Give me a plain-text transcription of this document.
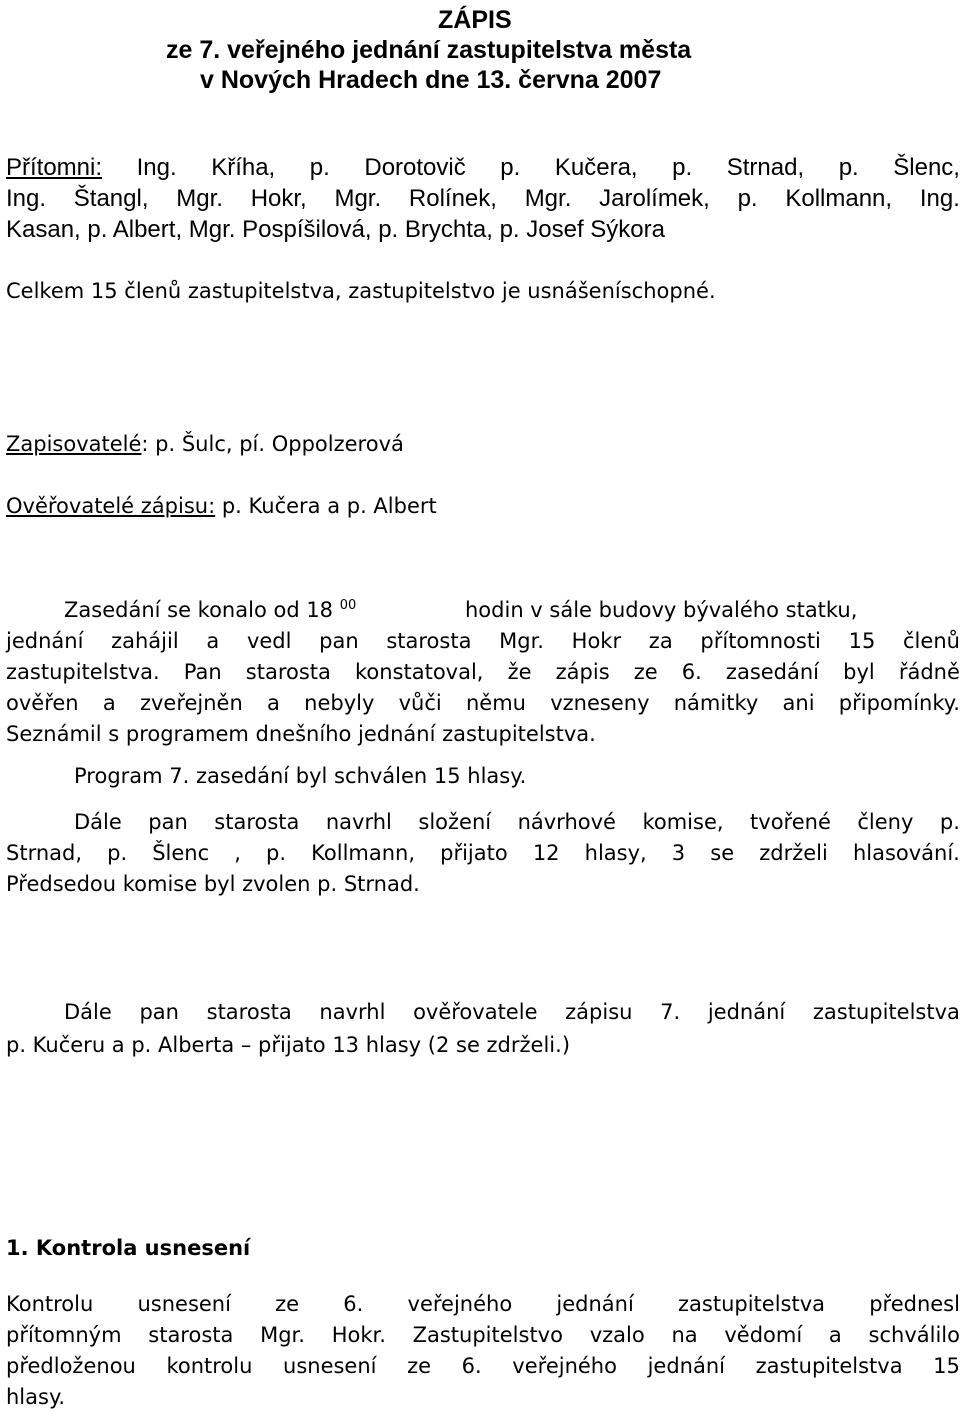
ZÁPIS

ze 7. veřejného jednání zastupitelstva města

v Nových Hradech dne 13. června 2007

Přítomni: Ing. Kříha, p. Dorotovič p. Kučera, p. Strnad, p. Šlenc,
Ing. Štangl, Mgr. Hokr, Mgr. Rolínek, Mgr. Jarolímek, p. Kollmann, Ing.

Kasan, p. Albert, Mgr. Pospíšilová, p. Brychta, p. Josef Sýkora

Celkem 15 členů zastupitelstva, zastupitelstvo je usnášeníschopné.

Zapisovatelé: p. Šulc, pí. Oppolzerová

Ověřovatelé zápisu: p. Kučera a p. Albert

Zasedání se konalo od 18 $^{00}$	hodin v sále budovy bývalého statku,

jednání zahájil a vedl pan starosta Mgr. Hokr za přítomnosti 15 členů
zastupitelstva. Pan starosta konstatoval, že zápis ze 6. zasedání byl řádně
ověřen a zveřejněn a nebyly vůči němu vzneseny námitky ani připomínky.

Seznámil s programem dnešního jednání zastupitelstva.

Program 7. zasedání byl schválen 15 hlasy.

Dále pan starosta navrhl složení návrhové komise, tvořené členy p.
Strnad, p. Šlenc , p. Kollmann, přijato 12 hlasy, 3 se zdrželi hlasování.

Předsedou komise byl zvolen p. Strnad.

Dále pan starosta navrhl ověřovatele zápisu 7. jednání zastupitelstva

p. Kučeru a p. Alberta – přijato 13 hlasy (2 se zdrželi.)

1. Kontrola usnesení

Kontrolu usnesení ze 6. veřejného jednání zastupitelstva přednesl
přítomným starosta Mgr. Hokr. Zastupitelstvo vzalo na vědomí a schválilo
předloženou kontrolu usnesení ze 6. veřejného jednání zastupitelstva 15

hlasy.
